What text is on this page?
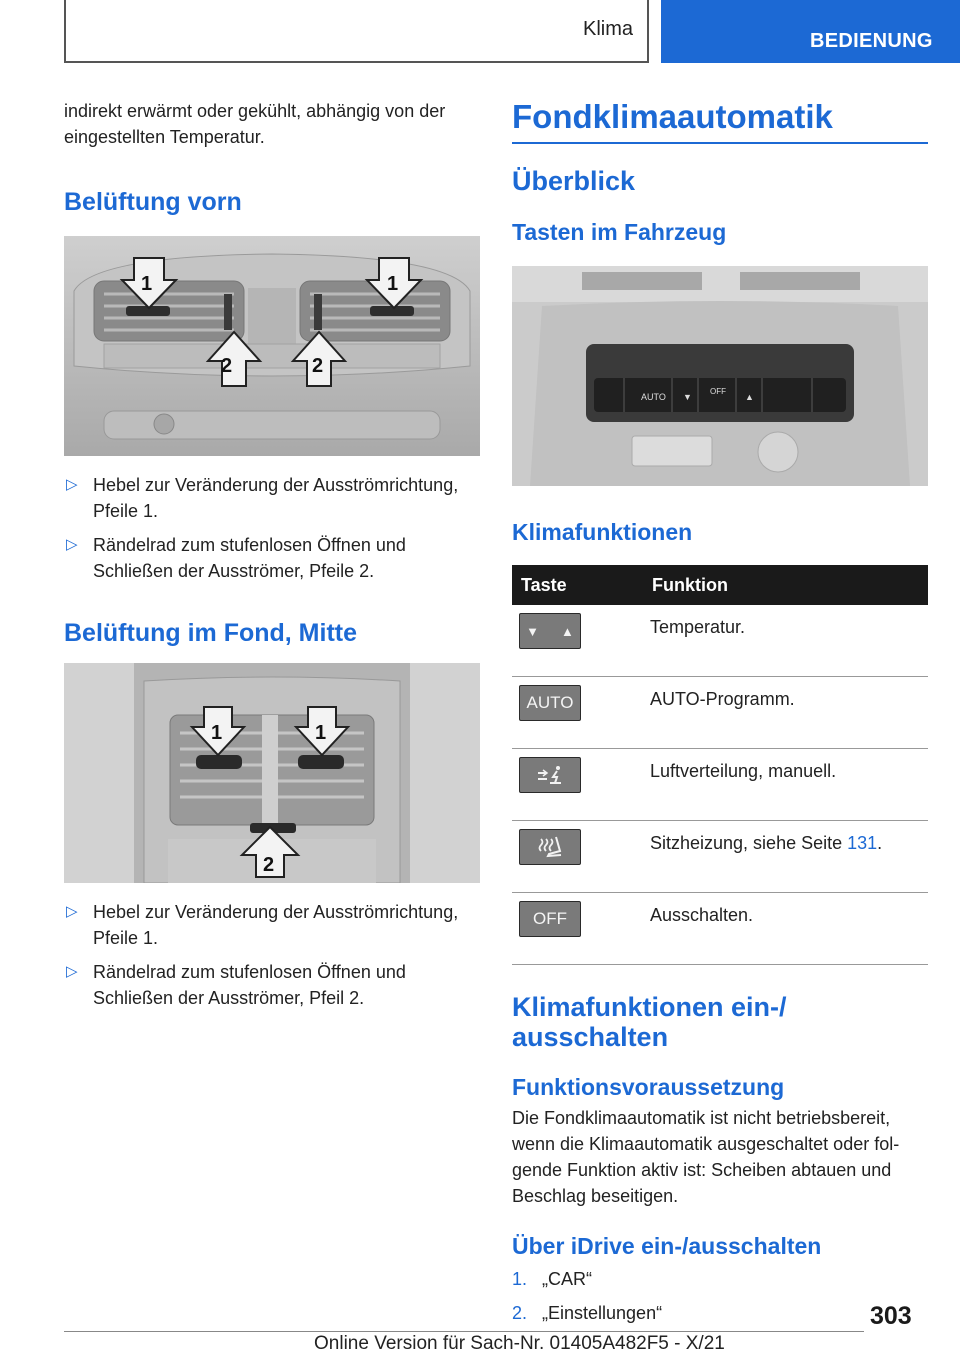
Klima
BEDIENUNG

indirekt erwärmt oder gekühlt, abhängig von der eingestellten Temperatur.

Belüftung vorn
1	1
2	2

▷ Hebel zur Veränderung der Ausströmrichtung, Pfeile 1.

▷ Rändelrad zum stufenlosen Öffnen und Schließen der Ausströmer, Pfeile 2.

Belüftung im Fond, Mitte
1	1
2

▷ Hebel zur Veränderung der Ausströmrichtung, Pfeile 1.

▷ Rändelrad zum stufenlosen Öffnen und Schließen der Ausströmer, Pfeil 2.

Fondklimaautomatik
Überblick
Tasten im Fahrzeug
AUTO
OFF
▼	▲
Klimafunktionen
Taste	Funktion

▼ ▲	Temperatur.

AUTO	AUTO-Programm.

	Luftverteilung, manuell.

	Sitzheizung, siehe Seite 131.

OFF	Ausschalten.
Klimafunktionen ein-/ ausschalten
Funktionsvoraussetzung

Die Fondklimaautomatik ist nicht betriebsbereit, wenn die Klimaautomatik ausgeschaltet oder folgende Funktion aktiv ist: Scheiben abtauen und Beschlag beseitigen.

Über iDrive ein-/ausschalten

1. „CAR“

2. „Einstellungen“	303
Online Version für Sach-Nr. 01405A482F5 - X/21
